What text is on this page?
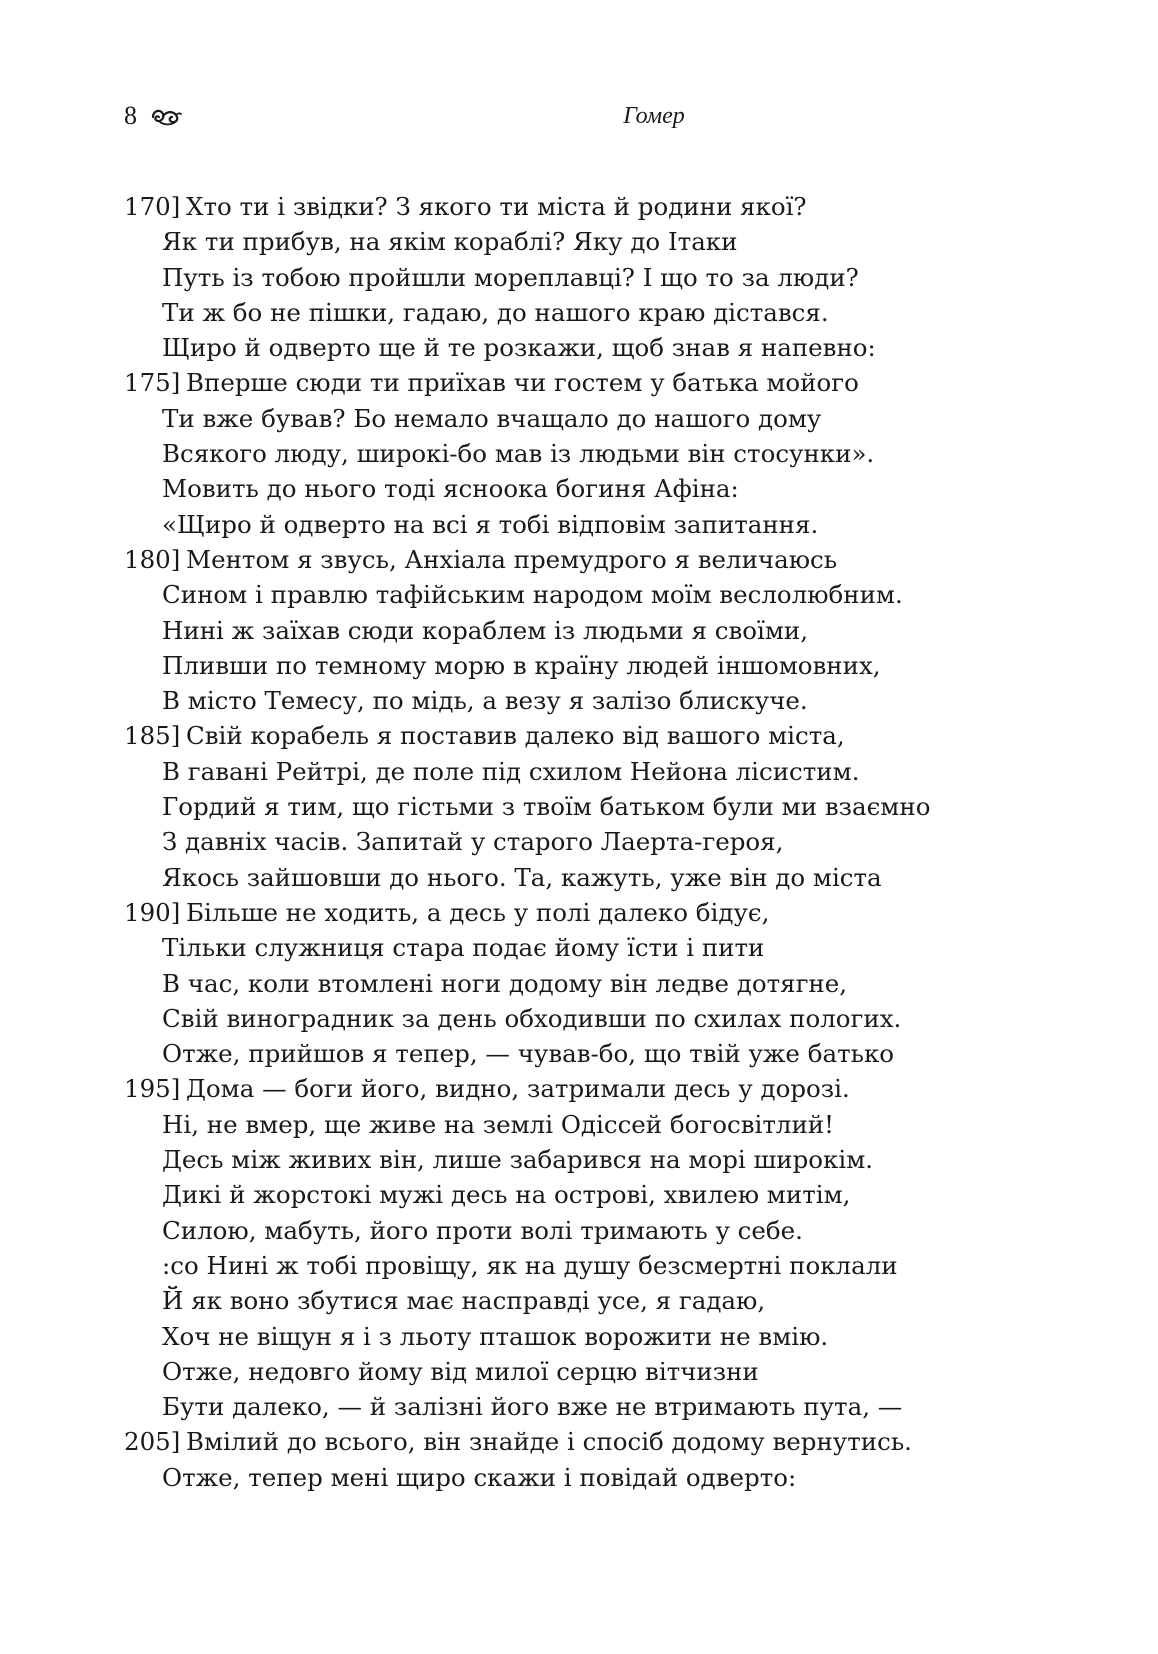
8	Гомер
170] Хто ти і звідки? З якого ти міста й родини якої?
Як ти прибув, на якім кораблі? Яку до Ітаки
Путь із тобою пройшли мореплавці? І що то за люди?
Ти ж бо не пішки, гадаю, до нашого краю дістався.
Щиро й одверто ще й те розкажи, щоб знав я напевно:
175] Вперше сюди ти приїхав чи гостем у батька мойого
Ти вже бував? Бо немало вчащало до нашого дому
Всякого люду, широкі-бо мав із людьми він стосунки».
Мовить до нього тоді ясноока богиня Афіна:
«Щиро й одверто на всі я тобі відповім запитання.
180] Ментом я звусь, Анхіала премудрого я величаюсь
Сином і правлю тафійським народом моїм веслолюбним.
Нині ж заїхав сюди кораблем із людьми я своїми,
Пливши по темному морю в країну людей іншомовних,
В місто Темесу, по мідь, а везу я залізо блискуче.
185] Свій корабель я поставив далеко від вашого міста,
В гавані Рейтрі, де поле під схилом Нейона лісистим.
Гордий я тим, що гістьми з твоїм батьком були ми взаємно
З давніх часів. Запитай у старого Лаерта-героя,
Якось зайшовши до нього. Та, кажуть, уже він до міста
190] Більше не ходить, а десь у полі далеко бідує,
Тільки служниця стара подає йому їсти і пити
В час, коли втомлені ноги додому він ледве дотягне,
Свій виноградник за день обходивши по схилах пологих.
Отже, прийшов я тепер, — чував-бо, що твій уже батько
195] Дома — боги його, видно, затримали десь у дорозі.
Ні, не вмер, ще живе на землі Одіссей богосвітлий!
Десь між живих він, лише забарився на морі широкім.
Дикі й жорстокі мужі десь на острові, хвилею митім,
Силою, мабуть, його проти волі тримають у себе.
:со Нині ж тобі провіщу, як на душу безсмертні поклали
Й як воно збутися має насправді усе, я гадаю,
Хоч не віщун я і з льоту пташок ворожити не вмію.
Отже, недовго йому від милої серцю вітчизни
Бути далеко, — й залізні його вже не втримають пута, —
205] Вмілий до всього, він знайде і спосіб додому вернутись.
Отже, тепер мені щиро скажи і повідай одверто:
